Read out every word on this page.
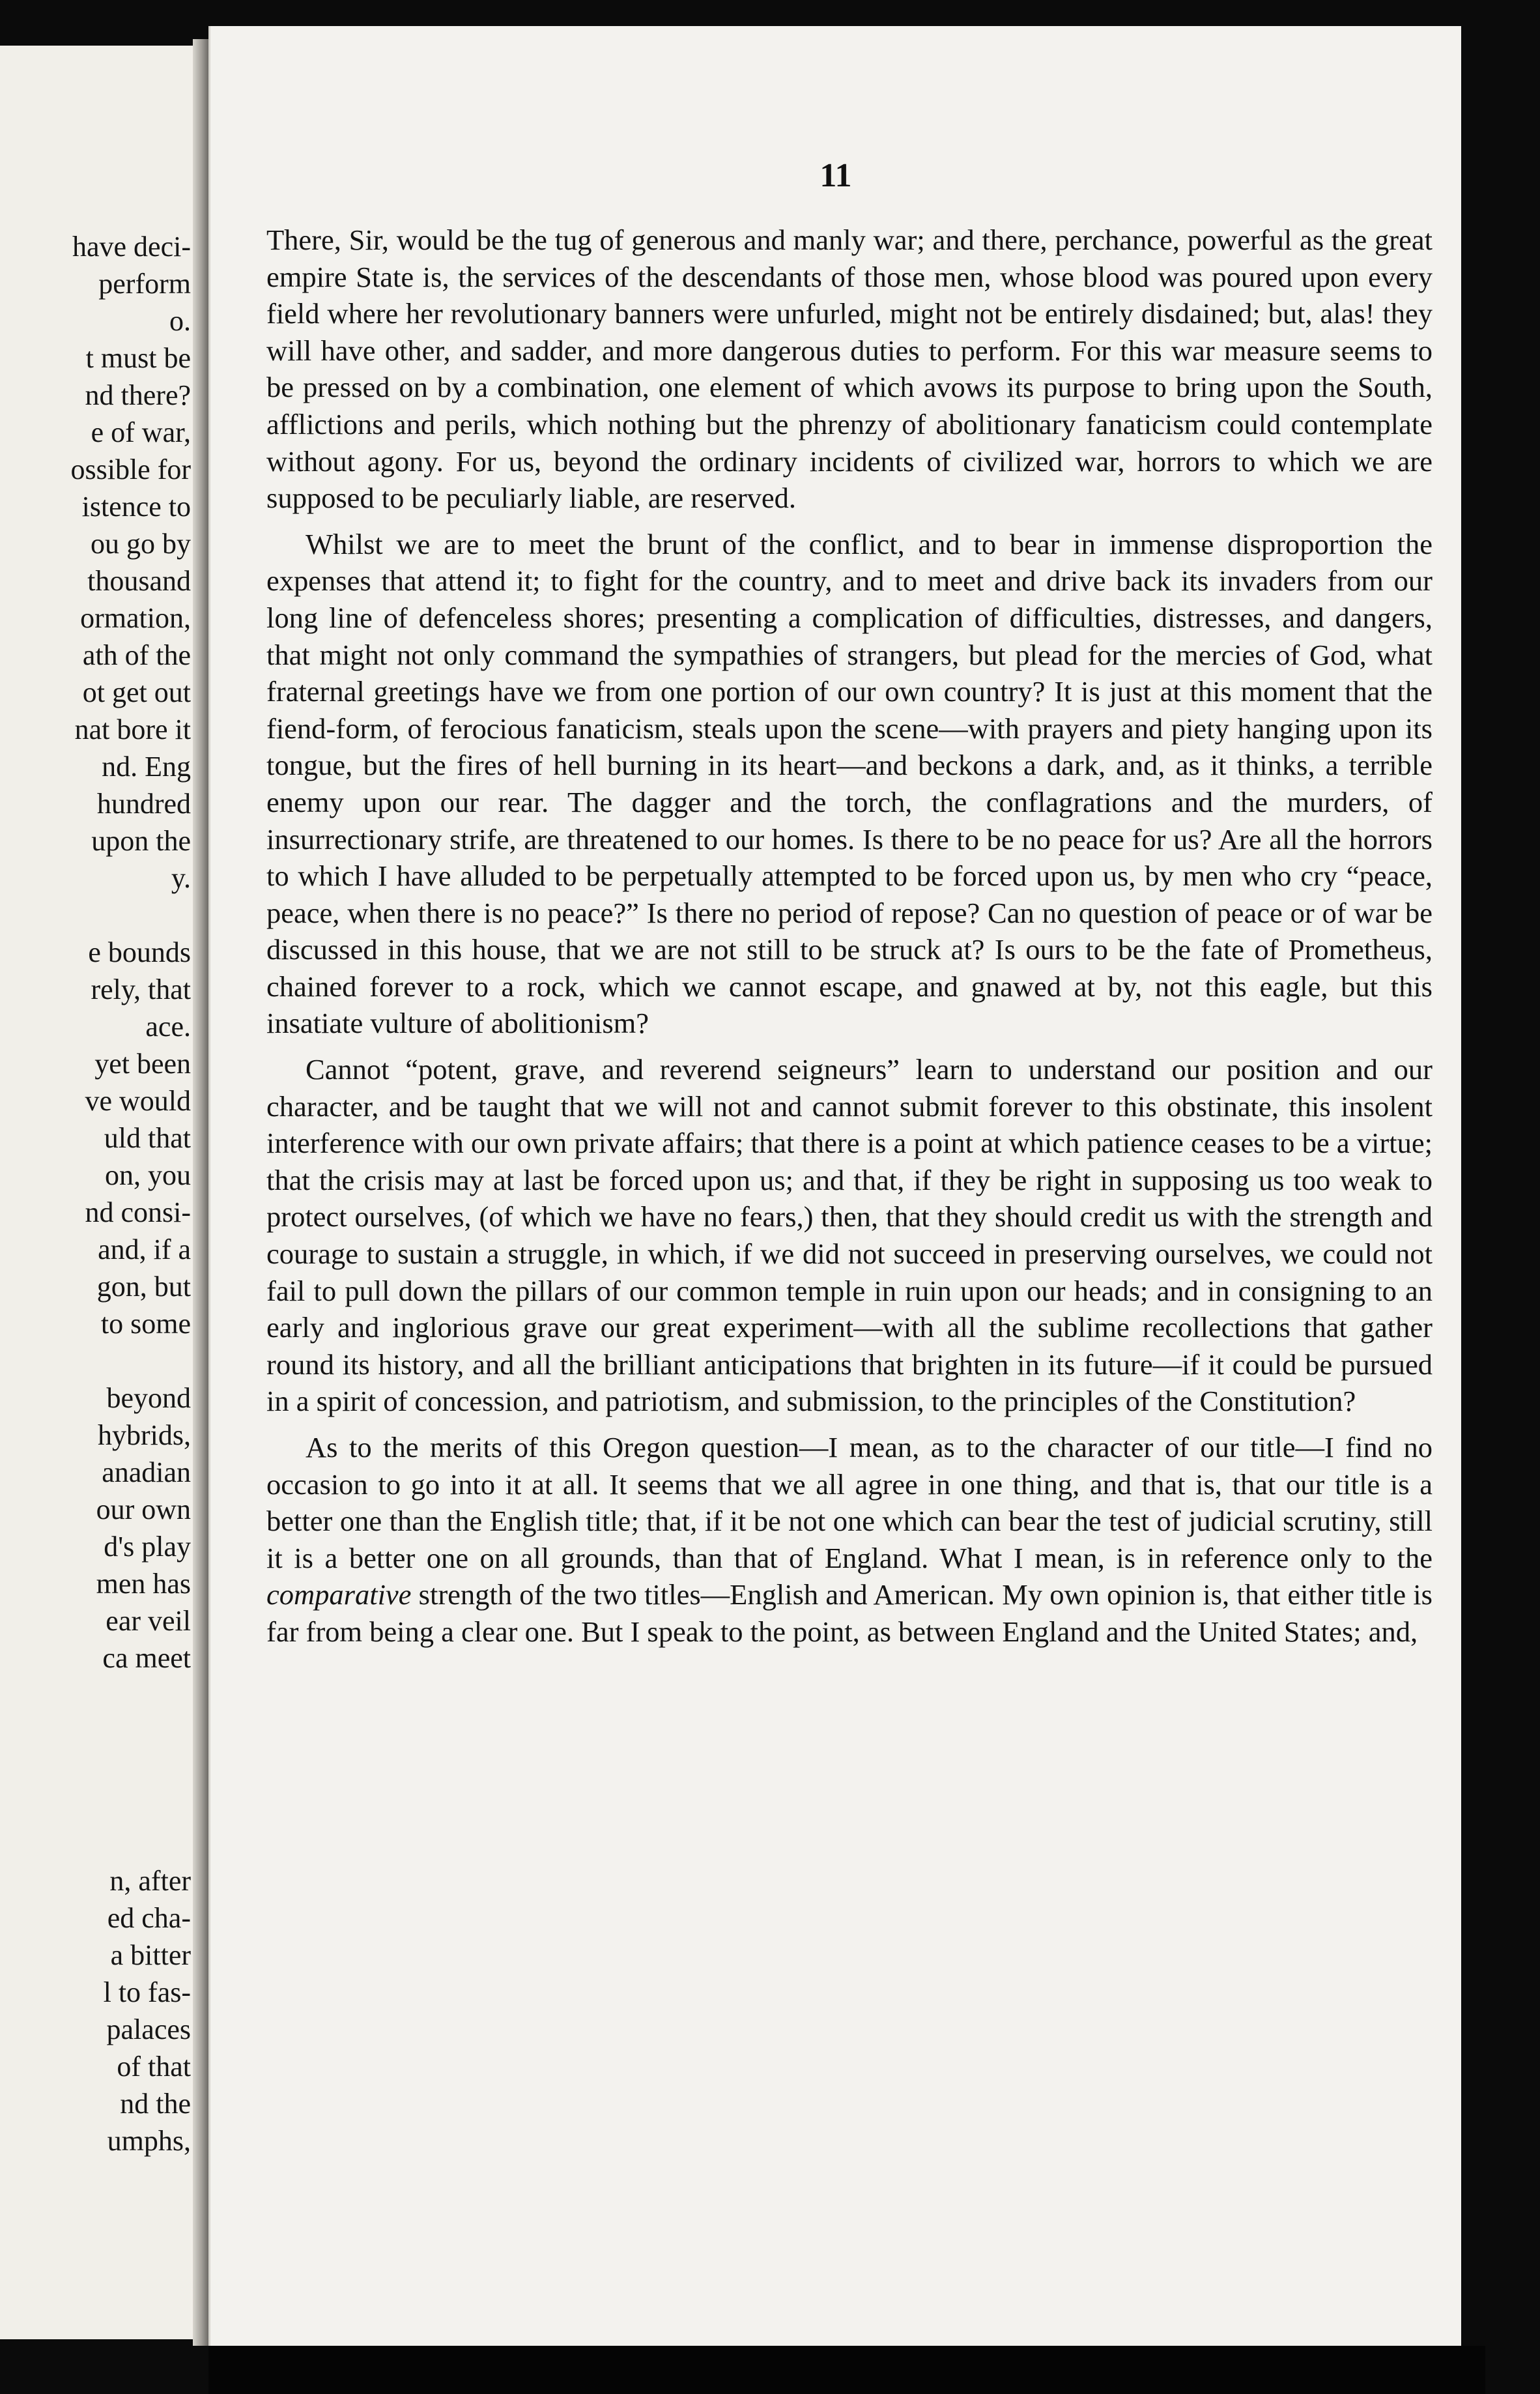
have deci-
perform
o.
t must be
nd there?
e of war,
ossible for
istence to
ou go by
thousand
ormation,
ath of the
ot get out
nat bore it
nd. Eng
hundred
upon the
y.
e bounds
rely, that
ace.
yet been
ve would
uld that
on, you
nd consi-
and, if a
gon, but
to some
beyond
hybrids,
anadian
our own
d's play
men has
ear veil
ca meet
n, after
ed cha-
a bitter
l to fas-
palaces
of that
nd the
umphs,
11

There, Sir, would be the tug of generous and manly war; and there, perchance, powerful as the great empire State is, the services of the descendants of those men, whose blood was poured upon every field where her revolutionary banners were unfurled, might not be entirely disdained; but, alas! they will have other, and sadder, and more dangerous duties to perform. For this war measure seems to be pressed on by a combination, one element of which avows its purpose to bring upon the South, afflictions and perils, which nothing but the phrenzy of abolitionary fanaticism could contemplate without agony. For us, beyond the ordinary incidents of civilized war, horrors to which we are supposed to be peculiarly liable, are reserved.

Whilst we are to meet the brunt of the conflict, and to bear in immense disproportion the expenses that attend it; to fight for the country, and to meet and drive back its invaders from our long line of defenceless shores; presenting a complication of difficulties, distresses, and dangers, that might not only command the sympathies of strangers, but plead for the mercies of God, what fraternal greetings have we from one portion of our own country? It is just at this moment that the fiend-form, of ferocious fanaticism, steals upon the scene—with prayers and piety hanging upon its tongue, but the fires of hell burning in its heart—and beckons a dark, and, as it thinks, a terrible enemy upon our rear. The dagger and the torch, the conflagrations and the murders, of insurrectionary strife, are threatened to our homes. Is there to be no peace for us? Are all the horrors to which I have alluded to be perpetually attempted to be forced upon us, by men who cry “peace, peace, when there is no peace?” Is there no period of repose? Can no question of peace or of war be discussed in this house, that we are not still to be struck at? Is ours to be the fate of Prometheus, chained forever to a rock, which we cannot escape, and gnawed at by, not this eagle, but this insatiate vulture of abolitionism?

Cannot “potent, grave, and reverend seigneurs” learn to understand our position and our character, and be taught that we will not and cannot submit forever to this obstinate, this insolent interference with our own private affairs; that there is a point at which patience ceases to be a virtue; that the crisis may at last be forced upon us; and that, if they be right in supposing us too weak to protect ourselves, (of which we have no fears,) then, that they should credit us with the strength and courage to sustain a struggle, in which, if we did not succeed in preserving ourselves, we could not fail to pull down the pillars of our common temple in ruin upon our heads; and in consigning to an early and inglorious grave our great experiment—with all the sublime recollections that gather round its history, and all the brilliant anticipations that brighten in its future—if it could be pursued in a spirit of concession, and patriotism, and submission, to the principles of the Constitution?

As to the merits of this Oregon question—I mean, as to the character of our title—I find no occasion to go into it at all. It seems that we all agree in one thing, and that is, that our title is a better one than the English title; that, if it be not one which can bear the test of judicial scrutiny, still it is a better one on all grounds, than that of England. What I mean, is in reference only to the comparative strength of the two titles—English and American. My own opinion is, that either title is far from being a clear one. But I speak to the point, as between England and the United States; and,
